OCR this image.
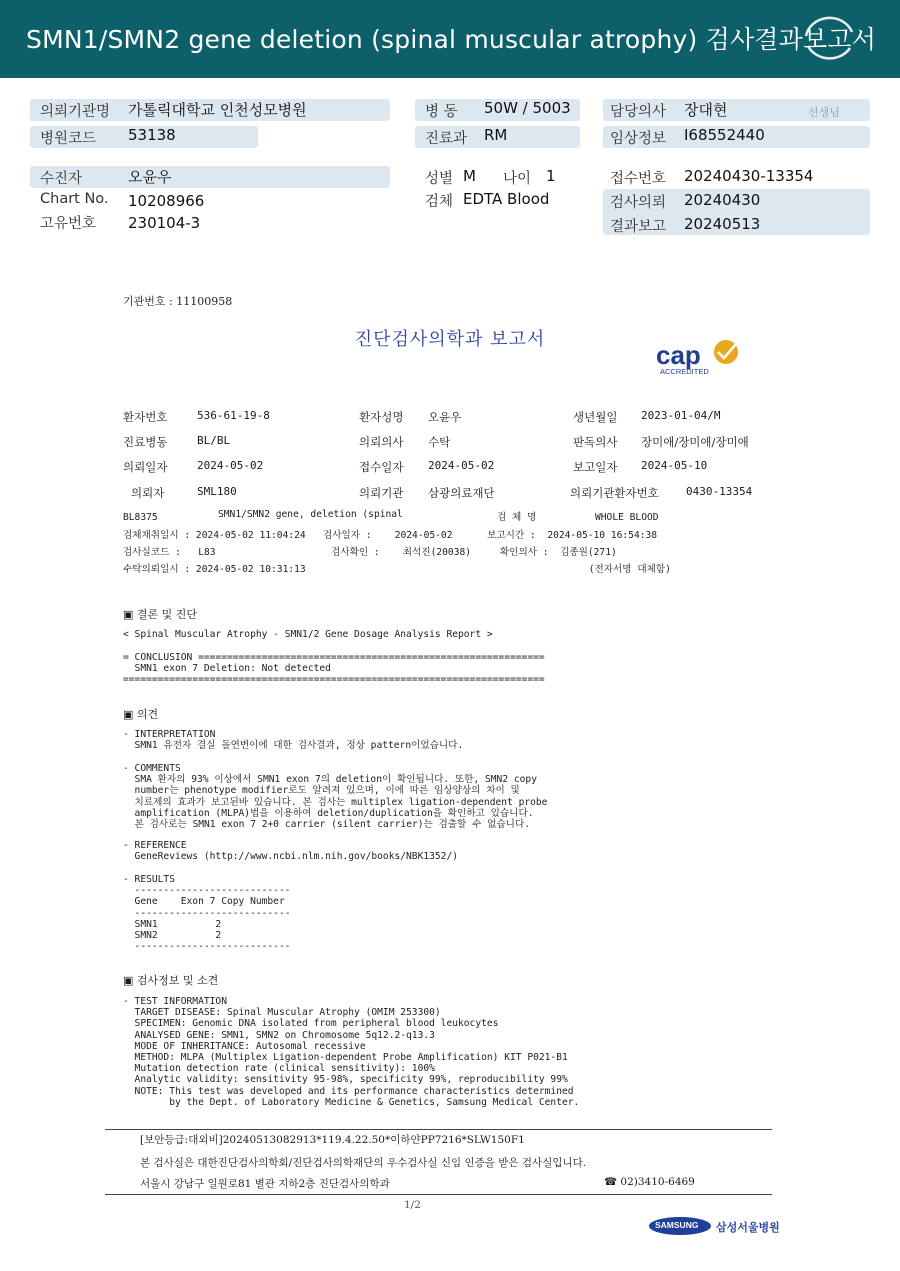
SMN1/SMN2 gene deletion (spinal muscular atrophy) 검사결과보고서
의뢰기관명 가톨릭대학교 인천성모병원	병 동 50W / 5003	담당의사 장대현	선생님
병원코드 53138	진료과 RM	임상정보 I68552440
수진자	오윤우	성별 M 나이 1	접수번호 20240430-13354
Chart No. 10208966	검체 EDTA Blood	검사의뢰 20240430
고유번호 230104-3	결과보고 20240513
기관번호 : 11100958
진단검사의학과 보고서
cap
ACCREDITED
환자번호	536-61-19-8	환자성명 오윤우	생년월일 2023-01-04/M
진료병동	BL/BL	의뢰의사 수탁	판독의사 장미애/장미애/장미애
의뢰일자	2024-05-02	접수일자 2024-05-02	보고일자 2024-05-10
의뢰자	SML180	의뢰기관 삼광의료재단	의뢰기관환자번호 0430-13354
BL8375	SMN1/SMN2 gene, deletion (spinal	검 체 명	WHOLE BLOOD
검체채취일시 : 2024-05-02 11:04:24   검사일자 :    2024-05-02      보고시간 :  2024-05-10 16:54:38
검사실코드 :   L83                    검사확인 :    최석진(20038)     확인의사 :  김종원(271)
수탁의뢰일시 : 2024-05-02 10:31:13                                                 (전자서명 대체함)
▣ 결론 및 진단
< Spinal Muscular Atrophy - SMN1/2 Gene Dosage Analysis Report >
= CONCLUSION ============================================================
SMN1 exon 7 Deletion: Not detected
=========================================================================
▣ 의견
- INTERPRETATION
SMN1 유전자 결실 돌연변이에 대한 검사결과, 정상 pattern이었습니다.
- COMMENTS
SMA 환자의 93% 이상에서 SMN1 exon 7의 deletion이 확인됩니다. 또한, SMN2 copy
number는 phenotype modifier로도 알려져 있으며, 이에 따른 임상양상의 차이 및
치료제의 효과가 보고된바 있습니다. 본 검사는 multiplex ligation-dependent probe
amplification (MLPA)법을 이용하여 deletion/duplication을 확인하고 있습니다.
본 검사로는 SMN1 exon 7 2+0 carrier (silent carrier)는 검출할 수 없습니다.
- REFERENCE
GeneReviews (http://www.ncbi.nlm.nih.gov/books/NBK1352/)
- RESULTS
---------------------------
Gene    Exon 7 Copy Number
---------------------------
SMN1          2
SMN2          2
---------------------------
▣ 검사정보 및 소견
- TEST INFORMATION
TARGET DISEASE: Spinal Muscular Atrophy (OMIM 253300)
SPECIMEN: Genomic DNA isolated from peripheral blood leukocytes
ANALYSED GENE: SMN1, SMN2 on Chromosome 5q12.2-q13.3
MODE OF INHERITANCE: Autosomal recessive
METHOD: MLPA (Multiplex Ligation-dependent Probe Amplification) KIT P021-B1
Mutation detection rate (clinical sensitivity): 100%
Analytic validity: sensitivity 95-98%, specificity 99%, reproducibility 99%
NOTE: This test was developed and its performance characteristics determined
by the Dept. of Laboratory Medicine & Genetics, Samsung Medical Center.
[보안등급:대외비]20240513082913*119.4.22.50*이하얀PP7216*SLW150F1
본 검사실은 대한진단검사의학회/진단검사의학재단의 우수검사실 신임 인증을 받은 검사실입니다.
서울시 강남구 일원로81 별관 지하2층 진단검사의학과	☎ 02)3410-6469
1/2
SAMSUNG 삼성서울병원
